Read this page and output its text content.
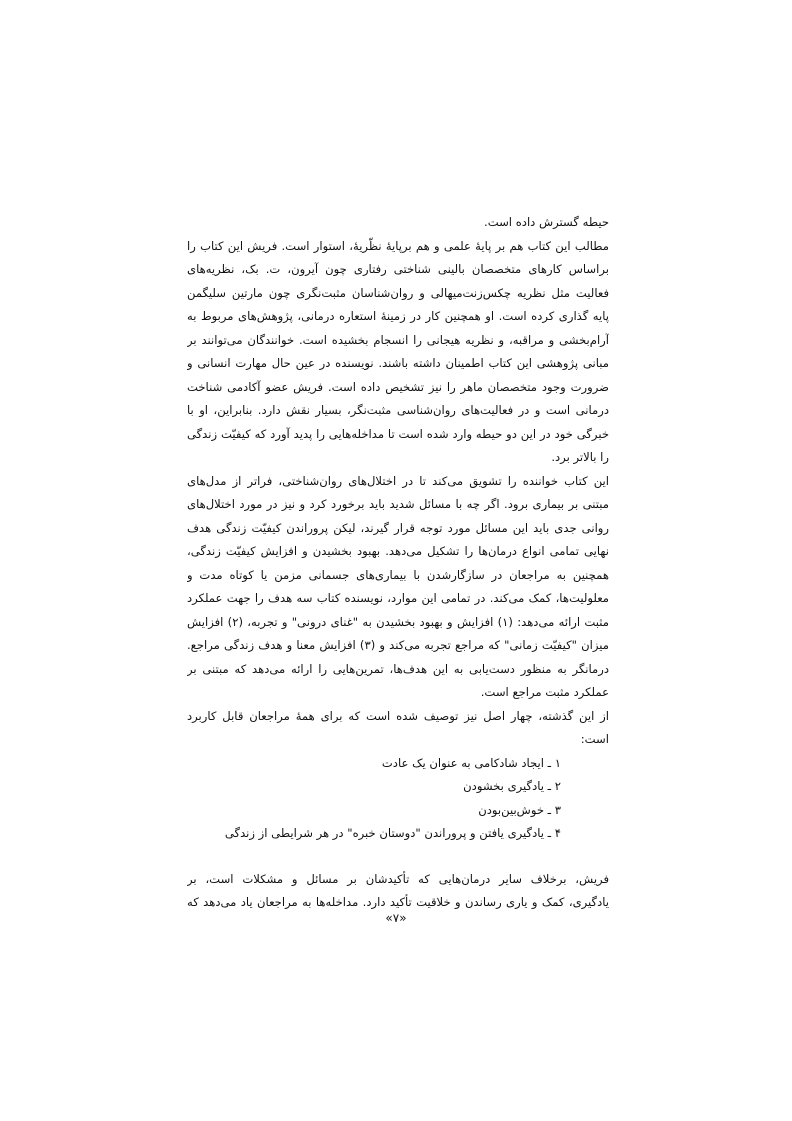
حیطه گسترش داده است.
مطالب این کتاب هم بر پایهٔ علمی و هم برپایهٔ نظّریهٔ، استوار است. فریش این کتاب را
براساس کارهای متخصصان بالینی شناختی رفتاری چون آیرون، ت. بک، نظریه‌های
فعالیت مثل نظریه چکس‌زنت‌میهالی و روان‌شناسان مثبت‌نگری چون مارتین سلیگمن
پایه گذاری کرده است. او همچنین کار در زمینهٔ استعاره درمانی، پژوهش‌های مربوط به
آرام‌بخشی و مراقبه، و نظریه هیجانی را انسجام بخشیده است. خوانندگان می‌توانند بر
مبانی پژوهشی این کتاب اطمینان داشته باشند. نویسنده در عین حال مهارت انسانی و
ضرورت وجود متخصصان ماهر را نیز تشخیص داده است. فریش عضو آکادمی شناخت
درمانی است و در فعالیت‌های روان‌شناسی مثبت‌نگر، بسیار نقش دارد. بنابراین، او با
خبرگی خود در این دو حیطه وارد شده است تا مداخله‌هایی را پدید آورد که کیفیّت زندگی
را بالاتر برد.
این کتاب خواننده را تشویق می‌کند تا در اختلال‌های روان‌شناختی، فراتر از مدل‌های
مبتنی بر بیماری برود. اگر چه با مسائل شدید باید برخورد کرد و نیز در مورد اختلال‌های
روانی جدی باید این مسائل مورد توجه قرار گیرند، لیکن پروراندن کیفیّت زندگی هدف
نهایی تمامی انواع درمان‌ها را تشکیل می‌دهد. بهبود بخشیدن و افزایش کیفیّت زندگی،
همچنین به مراجعان در سازگارشدن با بیماری‌های جسمانی مزمن یا کوتاه مدت و
معلولیت‌ها، کمک می‌کند. در تمامی این موارد، نویسنده کتاب سه هدف را جهت عملکرد
مثبت ارائه می‌دهد: (۱) افزایش و بهبود بخشیدن به "غنای درونی" و تجربه، (۲) افزایش
میزان "کیفیّت زمانی" که مراجع تجربه می‌کند و (۳) افزایش معنا و هدف زندگی مراجع.
درمانگر به منظور دست‌یابی به این هدف‌ها، تمرین‌هایی را ارائه می‌دهد که مبتنی بر
عملکرد مثبت مراجع است.
از این گذشته، چهار اصل نیز توصیف شده است که برای همهٔ مراجعان قابل کاربرد
است:
۱ ـ ایجاد شادکامی به عنوان یک عادت
۲ ـ یادگیری بخشودن
۳ ـ خوش‌بین‌بودن
۴ ـ یادگیری یافتن و پروراندن "دوستان خبره" در هر شرایطی از زندگی
فریش، برخلاف سایر درمان‌هایی که تأکیدشان بر مسائل و مشکلات است، بر
یادگیری، کمک و یاری رساندن و خلاقیت تأکید دارد. مداخله‌ها به مراجعان یاد می‌دهد که
«۷»
